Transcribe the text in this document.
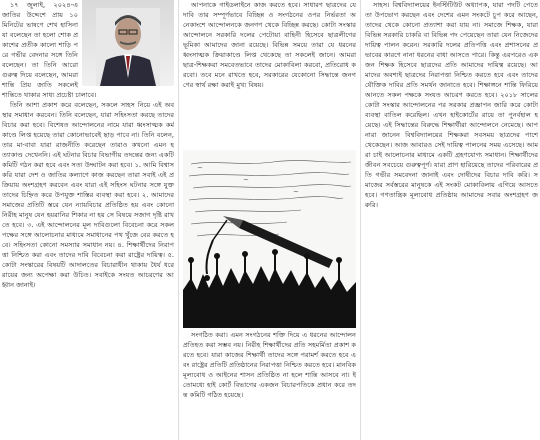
১৭ জুলাই, ২০২৪-এ জাতির উদ্দেশে প্রায় ১০ মিনিটের ভাষণে শেখ হাসিনা যা বলেছেন তা হলো শোক প্রকাশের প্রতীক কালো শাড়ি পরে গভীর বেদনার সঙ্গে তিনি বলেছেন। তা তিনি আরো গুরুত্ব দিয়ে বলেছেন, আমরা শান্তি প্রিয় জাতি সকলেই শান্তিতে থাকার সাধ্য প্রচেষ্টা চালাবে।

তিনি আশা প্রকাশ করে বলেছেন, সকলে সাহস নিয়ে এই অবস্থার সমাধান করবেন। তিনি বলেছেন, যারা সহিংসতা করছে তাদের বিচার করা হবে। বিশেষত আন্দোলনের নামে যারা ধ্বংসাত্মক কর্মকাণ্ডে লিপ্ত হয়েছে তারা কোনোভাবেই ছাড় পাবে না। তিনি বলেন, তার মা-বাবা যারা রাজনীতি করেছেন তারাও কখনো এমন হত্যাকাণ্ড দেখেননি। এই ঘটনার বিচার বিভাগীয় তদন্তের জন্য একটি কমিটি গঠন করা হবে এবং সত্য উদ্ঘাটন করা হবে। ১. আমি বিশ্বাস করি যারা দেশ ও জাতির কল্যাণে কাজ করছেন তারা সবাই এই প্রক্রিয়ায় অংশগ্রহণ করবেন এবং যারা এই সহিংস ঘটনার সঙ্গে যুক্ত তাদের চিহ্নিত করে উপযুক্ত শাস্তির ব্যবস্থা করা হবে। ২. আমাদের সমাজের প্রতিটি স্তরে যেন ন্যায়বিচার প্রতিষ্ঠিত হয় এবং কোনো নিরীহ মানুষ যেন হয়রানির শিকার না হয় সে বিষয়ে সজাগ দৃষ্টি রাখতে হবে। ৩. এই আন্দোলনের মূল দাবিগুলো বিবেচনা করে সকল পক্ষের সঙ্গে আলোচনার মাধ্যমে সমাধানের পথ খুঁজে বের করতে হবে। সহিংসতা কোনো সমস্যার সমাধান নয়। ৪. শিক্ষার্থীদের নিরাপত্তা নিশ্চিত করা এবং তাদের দাবি বিবেচনা করা রাষ্ট্রের দায়িত্ব। ৫. কোটা সংস্কারের বিষয়টি আদালতের বিচারাধীন থাকায় ধৈর্য ধরে রায়ের জন্য অপেক্ষা করা উচিত। সবাইকে সংযত আচরণের আহ্বান জানাই।

আপনাকে গাইডলাইনে কাজ করতে হবে। সাধারণ ছাত্রদের যে দাবি তার সম্পূর্ণভাবে বিচ্ছিন্ন ও সংগঠনের ওপর নির্ভরতা অনেকাংশে আন্দোলনকে জনগণ থেকে বিচ্ছিন্ন করছে। কোটা সংস্কার আন্দোলনে সরকারি দলের পেটোয়া বাহিনী হিসেবে ছাত্রলীগের ভূমিকা আমাদের জানা রয়েছে। বিভিন্ন সময়ে তারা যে ধরনের ধ্বংসাত্মক ক্রিয়াকাণ্ডে লিপ্ত থেকেছে তা সকলেই জানে। আমরা ছাত্র-শিক্ষকরা সমবেতভাবে তাদের মোকাবিলা করবো, প্রতিরোধ করবো। তবে মনে রাখতে হবে, সরকারের যেকোনো সিদ্ধান্তে জনগণের স্বার্থ রক্ষা করাই মুখ্য বিষয়।

সংগঠিত করা। এমন সংগঠনের শক্তি দিয়ে এ ধরনের আন্দোলন প্রতিহত করা সম্ভব নয়। নিরীহ শিক্ষার্থীদের প্রতি সহমর্মিতা প্রকাশ করতে হবে। যারা কাজের শিক্ষার্থী তাদের সঙ্গে পরামর্শ করতে হবে এবং রাষ্ট্রের প্রতিটি প্রতিষ্ঠানের নিরাপত্তা নিশ্চিত করতে হবে। মানবিক মূল্যবোধ ও আইনের শাসন প্রতিষ্ঠিত না হলে শান্তি আসবে না। ইতোমধ্যে হাই কোর্ট বিভাগের একজন বিচারপতিকে প্রধান করে তদন্ত কমিটি গঠিত হয়েছে।

~
~
~

সাহস। বিশ্ববিদ্যালয়ের ইনস্টিটিউট অধ্যাপক, যারা পদটি পেতে তা উপভোগ করছেন এবং দেশের এমন সংকটে চুপ করে আছেন, তাদের থেকে কোনো প্রত্যাশা করা যায় না। সমাজে শিক্ষক, যারা বিভিন্ন সরকারি চাকরি বা বিভিন্ন পদ পেয়েছেন তারা যেন নিজেদের দায়িত্ব পালন করেন। সরকারি দলের প্রতিপত্তি এবং প্রশাসনের প্রভাবের কারণে নানা ধরনের বাধা আসতে পারে। কিন্তু এরপরেও একজন শিক্ষক হিসেবে ছাত্রদের প্রতি আমাদের দায়িত্ব রয়েছে। আমাদের অবশ্যই ছাত্রদের নিরাপত্তা নিশ্চিত করতে হবে এবং তাদের যৌক্তিক দাবির প্রতি সমর্থন জানাতে হবে। শিক্ষাঙ্গনে শান্তি ফিরিয়ে আনতে সকল পক্ষকে সংযত আচরণ করতে হবে। ২০১৮ সালের কোটা সংস্কার আন্দোলনের পর সরকার প্রজ্ঞাপন জারি করে কোটা ব্যবস্থা বাতিল করেছিল। এখন হাইকোর্টের রায়ে তা পুনর্বহাল হয়েছে। এই সিদ্ধান্তের বিরুদ্ধে শিক্ষার্থীরা আন্দোলনে নেমেছে। আপনারা জানেন বিশ্ববিদ্যালয়ের শিক্ষকরা সবসময় ছাত্রদের পাশে থেকেছেন। আজ আবারও সেই দায়িত্ব পালনের সময় এসেছে। আমরা চাই আলোচনার মাধ্যমে একটি গ্রহণযোগ্য সমাধান। শিক্ষার্থীদের জীবন সবচেয়ে গুরুত্বপূর্ণ। যারা প্রাণ হারিয়েছে তাদের পরিবারের প্রতি গভীর সমবেদনা জানাই এবং দোষীদের বিচার দাবি করি। সমাজের সর্বস্তরের মানুষকে এই সংকট মোকাবিলায় এগিয়ে আসতে হবে। গণতান্ত্রিক মূল্যবোধ প্রতিষ্ঠায় আমাদের সবার অংশগ্রহণ জরুরি।
